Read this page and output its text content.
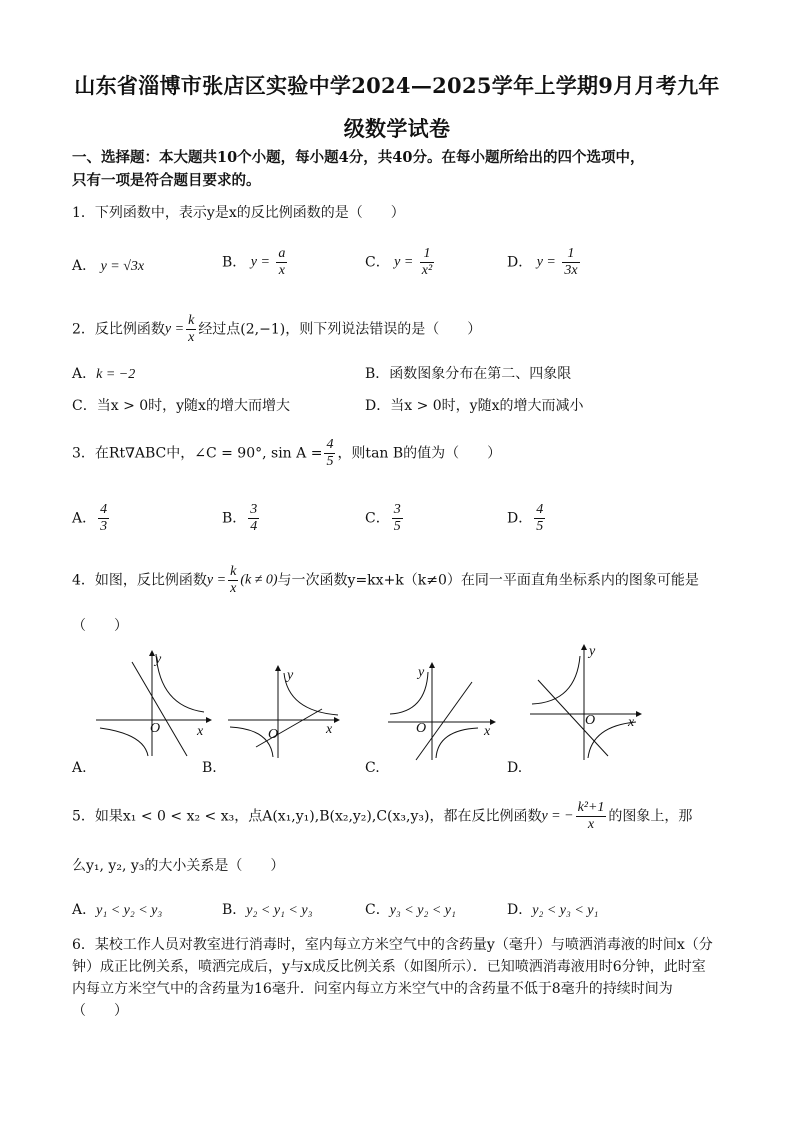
山东省淄博市张店区实验中学2024—2025学年上学期9月月考九年
级数学试卷
一、选择题：本大题共10个小题，每小题4分，共40分。在每小题所给出的四个选项中，
只有一项是符合题目要求的。
1．下列函数中，表示y是x的反比例函数的是（　　）
A． y = √3x	B． $y = \frac{a}{x}$	C． $y = \frac{1}{\text{x²}}$	D． $y = \frac{1}{3x}$
2．反比例函数$y = \frac{k}{x}$ 经过点(2,−1)，则下列说法错误的是（　　）
A．k = −2	B．函数图象分布在第二、四象限
C．当x > 0时，y随x的增大而增大	D．当x > 0时，y随x的增大而减小
3．在Rt∇ABC中，∠C = 90°, $\sin A = \frac{4}{5}$ ，则tan B的值为（　　）
A． $\frac{4}{3}$	B． $\frac{3}{4}$	C． $\frac{3}{5}$	D． $\frac{4}{5}$
4．如图，反比例函数$y = \frac{k}{x} (k \ne 0)$与一次函数y=kx+k（k≠0）在同一平面直角坐标系内的图象可能是
（　　）
y
O	x
A.
y
O	x
B.
y
O	x
C.
y
O x
D.
5．如果x₁ < 0 < x₂ < x₃，点A(x₁,y₁),B(x₂,y₂),C(x₃,y₃)，都在反比例函数y = − $\frac{\text{k²+1}}{x}$ 的图象上，那
么y₁, y₂, y₃的大小关系是（　　）
A．y₁ < y₂ < y₃	B．y₂ < y₁ < y₃	C．y₃ < y₂ < y₁	D．y₂ < y₃ < y₁
6．某校工作人员对教室进行消毒时，室内每立方米空气中的含药量y（毫升）与喷洒消毒液的时间x（分
钟）成正比例关系，喷洒完成后，y与x成反比例关系（如图所示）．已知喷洒消毒液用时6分钟，此时室
内每立方米空气中的含药量为16毫升．问室内每立方米空气中的含药量不低于8毫升的持续时间为
（　　）
